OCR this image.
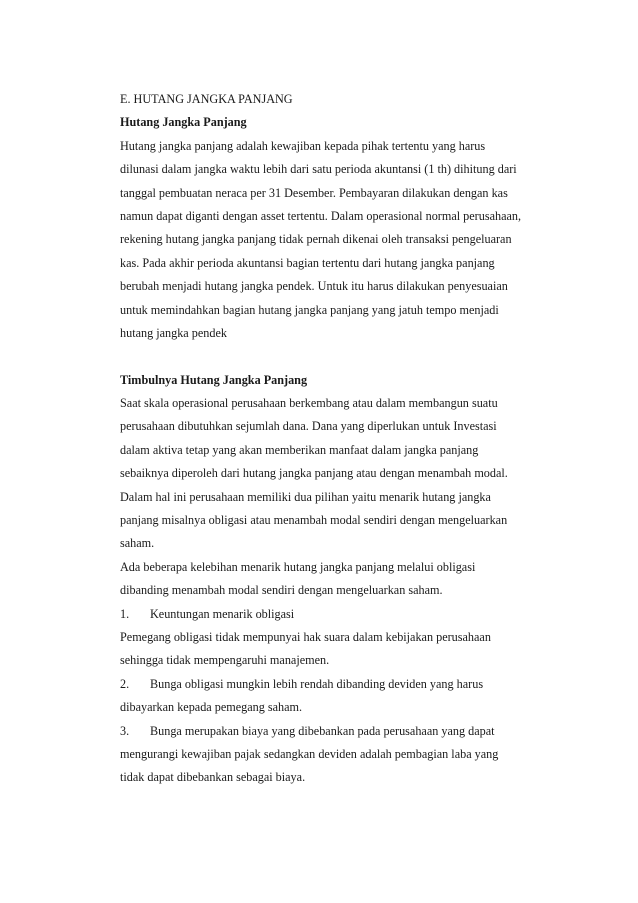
E. HUTANG JANGKA PANJANG
Hutang Jangka Panjang
Hutang jangka panjang adalah kewajiban kepada pihak tertentu yang harus
dilunasi dalam jangka waktu lebih dari satu perioda akuntansi (1 th) dihitung dari
tanggal pembuatan neraca per 31 Desember. Pembayaran dilakukan dengan kas
namun dapat diganti dengan asset tertentu. Dalam operasional normal perusahaan,
rekening hutang jangka panjang tidak pernah dikenai oleh transaksi pengeluaran
kas. Pada akhir perioda akuntansi bagian tertentu dari hutang jangka panjang
berubah menjadi hutang jangka pendek. Untuk itu harus dilakukan penyesuaian
untuk memindahkan bagian hutang jangka panjang yang jatuh tempo menjadi
hutang jangka pendek
Timbulnya Hutang Jangka Panjang
Saat skala operasional perusahaan berkembang atau dalam membangun suatu
perusahaan dibutuhkan sejumlah dana. Dana yang diperlukan untuk Investasi
dalam aktiva tetap yang akan memberikan manfaat dalam jangka panjang
sebaiknya diperoleh dari hutang jangka panjang atau dengan menambah modal.
Dalam hal ini perusahaan memiliki dua pilihan yaitu menarik hutang jangka
panjang misalnya obligasi atau menambah modal sendiri dengan mengeluarkan
saham.
Ada beberapa kelebihan menarik hutang jangka panjang melalui obligasi
dibanding menambah modal sendiri dengan mengeluarkan saham.
1. Keuntungan menarik obligasi
Pemegang obligasi tidak mempunyai hak suara dalam kebijakan perusahaan
sehingga tidak mempengaruhi manajemen.
2. Bunga obligasi mungkin lebih rendah dibanding deviden yang harus
dibayarkan kepada pemegang saham.
3. Bunga merupakan biaya yang dibebankan pada perusahaan yang dapat
mengurangi kewajiban pajak sedangkan deviden adalah pembagian laba yang
tidak dapat dibebankan sebagai biaya.
